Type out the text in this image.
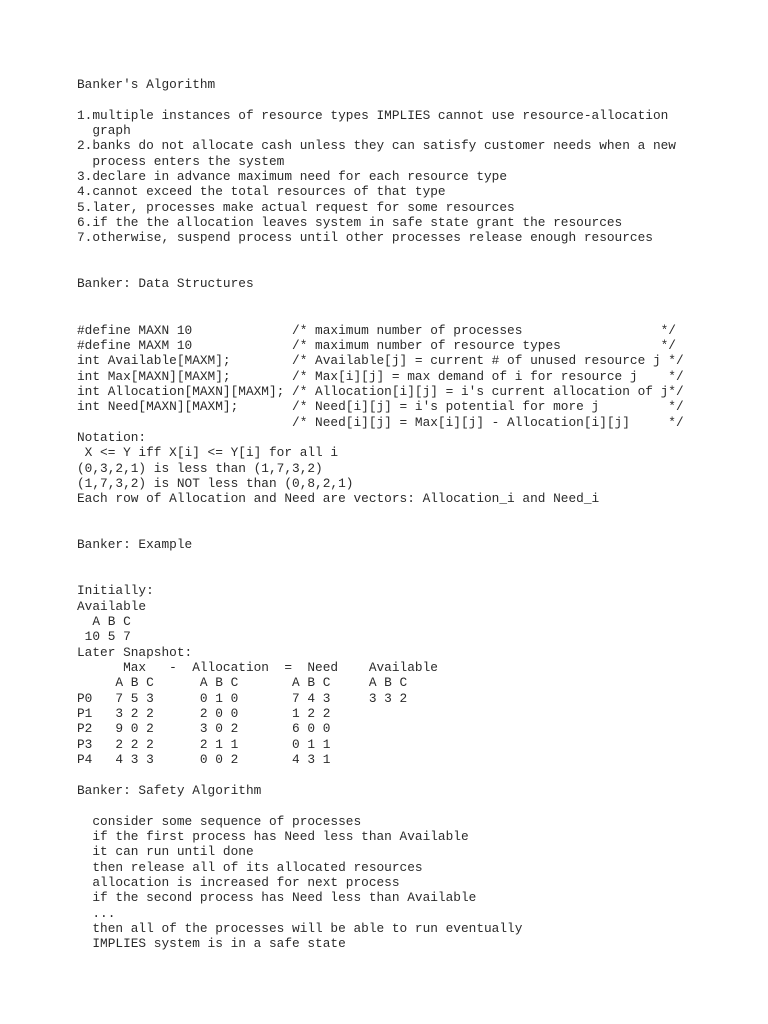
Banker's Algorithm
1.multiple instances of resource types IMPLIES cannot use resource-allocation
graph
2.banks do not allocate cash unless they can satisfy customer needs when a new
process enters the system
3.declare in advance maximum need for each resource type
4.cannot exceed the total resources of that type
5.later, processes make actual request for some resources
6.if the the allocation leaves system in safe state grant the resources
7.otherwise, suspend process until other processes release enough resources
Banker: Data Structures
#define MAXN 10             /* maximum number of processes                  */
#define MAXM 10             /* maximum number of resource types             */
int Available[MAXM];        /* Available[j] = current # of unused resource j */
int Max[MAXN][MAXM];        /* Max[i][j] = max demand of i for resource j    */
int Allocation[MAXN][MAXM]; /* Allocation[i][j] = i's current allocation of j*/
int Need[MAXN][MAXM];       /* Need[i][j] = i's potential for more j         */
/* Need[i][j] = Max[i][j] - Allocation[i][j]     */
Notation:
X <= Y iff X[i] <= Y[i] for all i
(0,3,2,1) is less than (1,7,3,2)
(1,7,3,2) is NOT less than (0,8,2,1)
Each row of Allocation and Need are vectors: Allocation_i and Need_i
Banker: Example
Initially:
Available
A B C
10 5 7
Later Snapshot:
Max   -  Allocation  =  Need    Available
A B C      A B C       A B C     A B C
P0   7 5 3      0 1 0       7 4 3     3 3 2
P1   3 2 2      2 0 0       1 2 2
P2   9 0 2      3 0 2       6 0 0
P3   2 2 2      2 1 1       0 1 1
P4   4 3 3      0 0 2       4 3 1
Banker: Safety Algorithm
consider some sequence of processes
if the first process has Need less than Available
it can run until done
then release all of its allocated resources
allocation is increased for next process
if the second process has Need less than Available
...
then all of the processes will be able to run eventually
IMPLIES system is in a safe state
